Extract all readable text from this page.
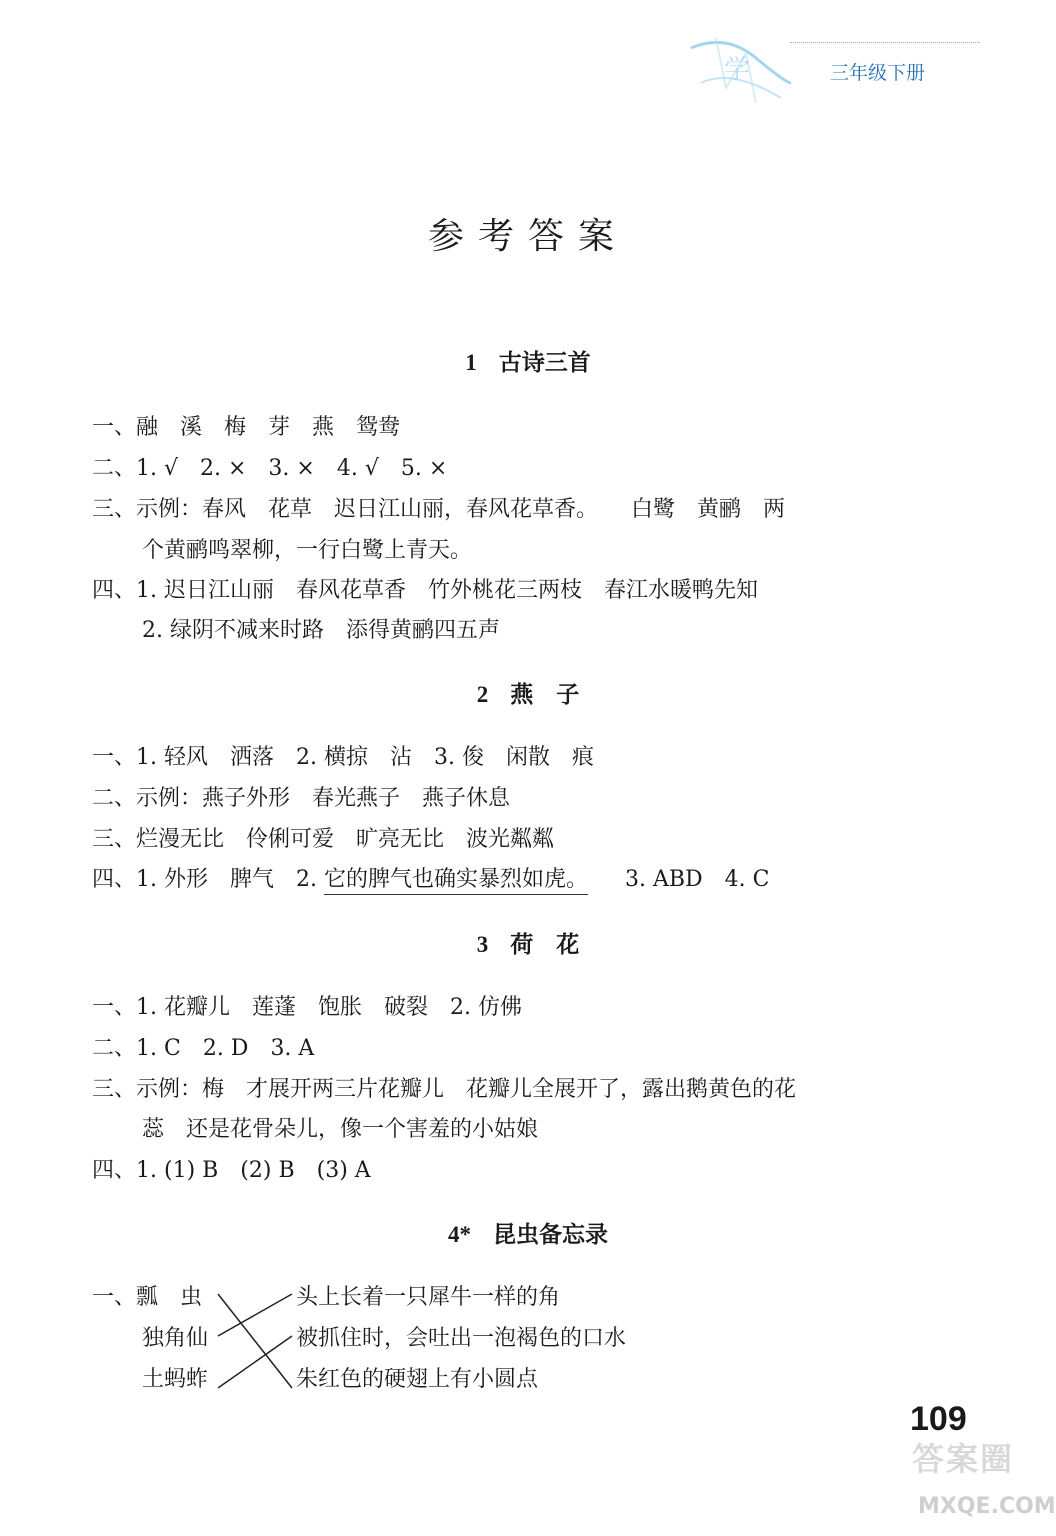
学	三年级下册
参考答案
1 古诗三首
一、融　溪　梅　芽　燕　鸳鸯
二、1. √　2. ×　3. ×　4. √　5. ×
三、示例：春风　花草　迟日江山丽，春风花草香。　　白鹭　黄鹂　两
个黄鹂鸣翠柳，一行白鹭上青天。
四、1. 迟日江山丽　春风花草香　竹外桃花三两枝　春江水暖鸭先知
2. 绿阴不减来时路　添得黄鹂四五声
2 燕　子
一、1. 轻风　洒落　2. 横掠　沾　3. 俊　闲散　痕
二、示例：燕子外形　春光燕子　燕子休息
三、烂漫无比　伶俐可爱　旷亮无比　波光粼粼
四、1. 外形　脾气　2. 它的脾气也确实暴烈如虎。 3. ABD　4. C
3 荷　花
一、1. 花瓣儿　莲蓬　饱胀　破裂　2. 仿佛
二、1. C　2. D　3. A
三、示例：梅　才展开两三片花瓣儿　花瓣儿全展开了，露出鹅黄色的花
蕊　还是花骨朵儿，像一个害羞的小姑娘
四、1. (1) B　(2) B　(3) A
4* 昆虫备忘录
一、瓢　虫
独角仙
土蚂蚱
头上长着一只犀牛一样的角
被抓住时，会吐出一泡褐色的口水
朱红色的硬翅上有小圆点
109
答案圈
MXQE.COM
